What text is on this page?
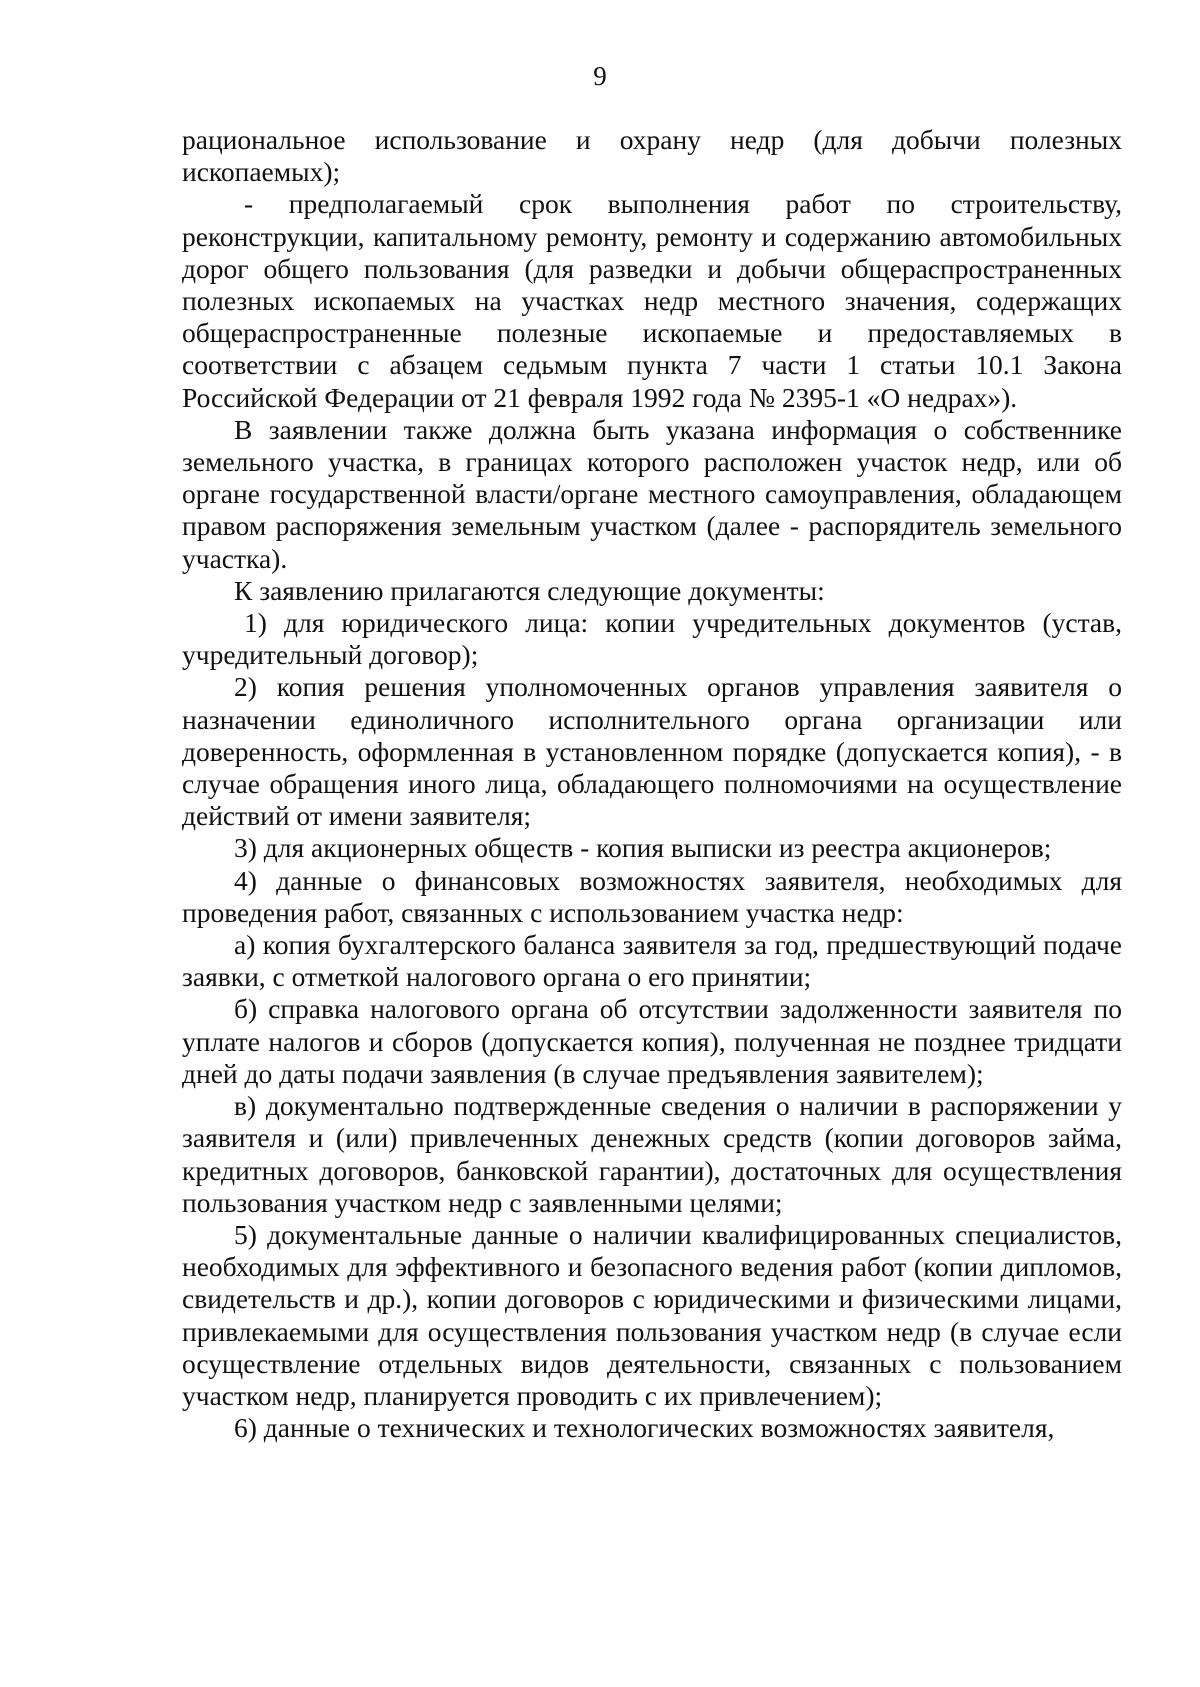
9

рациональное использование и охрану недр (для добычи полезных ископаемых);

- предполагаемый срок выполнения работ по строительству, реконструкции, капитальному ремонту, ремонту и содержанию автомобильных дорог общего пользования (для разведки и добычи общераспространенных полезных ископаемых на участках недр местного значения, содержащих общераспространенные полезные ископаемые и предоставляемых в соответствии с абзацем седьмым пункта 7 части 1 статьи 10.1 Закона Российской Федерации от 21 февраля 1992 года № 2395-1 «О недрах»).

В заявлении также должна быть указана информация о собственнике земельного участка, в границах которого расположен участок недр, или об органе государственной власти/органе местного самоуправления, обладающем правом распоряжения земельным участком (далее - распорядитель земельного участка).

К заявлению прилагаются следующие документы:

1) для юридического лица: копии учредительных документов (устав, учредительный договор);

2) копия решения уполномоченных органов управления заявителя о назначении единоличного исполнительного органа организации или доверенность, оформленная в установленном порядке (допускается копия), - в случае обращения иного лица, обладающего полномочиями на осуществление действий от имени заявителя;

3) для акционерных обществ - копия выписки из реестра акционеров;

4) данные о финансовых возможностях заявителя, необходимых для проведения работ, связанных с использованием участка недр:

а) копия бухгалтерского баланса заявителя за год, предшествующий подаче заявки, с отметкой налогового органа о его принятии;

б) справка налогового органа об отсутствии задолженности заявителя по уплате налогов и сборов (допускается копия), полученная не позднее тридцати дней до даты подачи заявления (в случае предъявления заявителем);

в) документально подтвержденные сведения о наличии в распоряжении у заявителя и (или) привлеченных денежных средств (копии договоров займа, кредитных договоров, банковской гарантии), достаточных для осуществления пользования участком недр с заявленными целями;

5) документальные данные о наличии квалифицированных специалистов, необходимых для эффективного и безопасного ведения работ (копии дипломов, свидетельств и др.), копии договоров с юридическими и физическими лицами, привлекаемыми для осуществления пользования участком недр (в случае если осуществление отдельных видов деятельности, связанных с пользованием участком недр, планируется проводить с их привлечением);

6) данные о технических и технологических возможностях заявителя,
